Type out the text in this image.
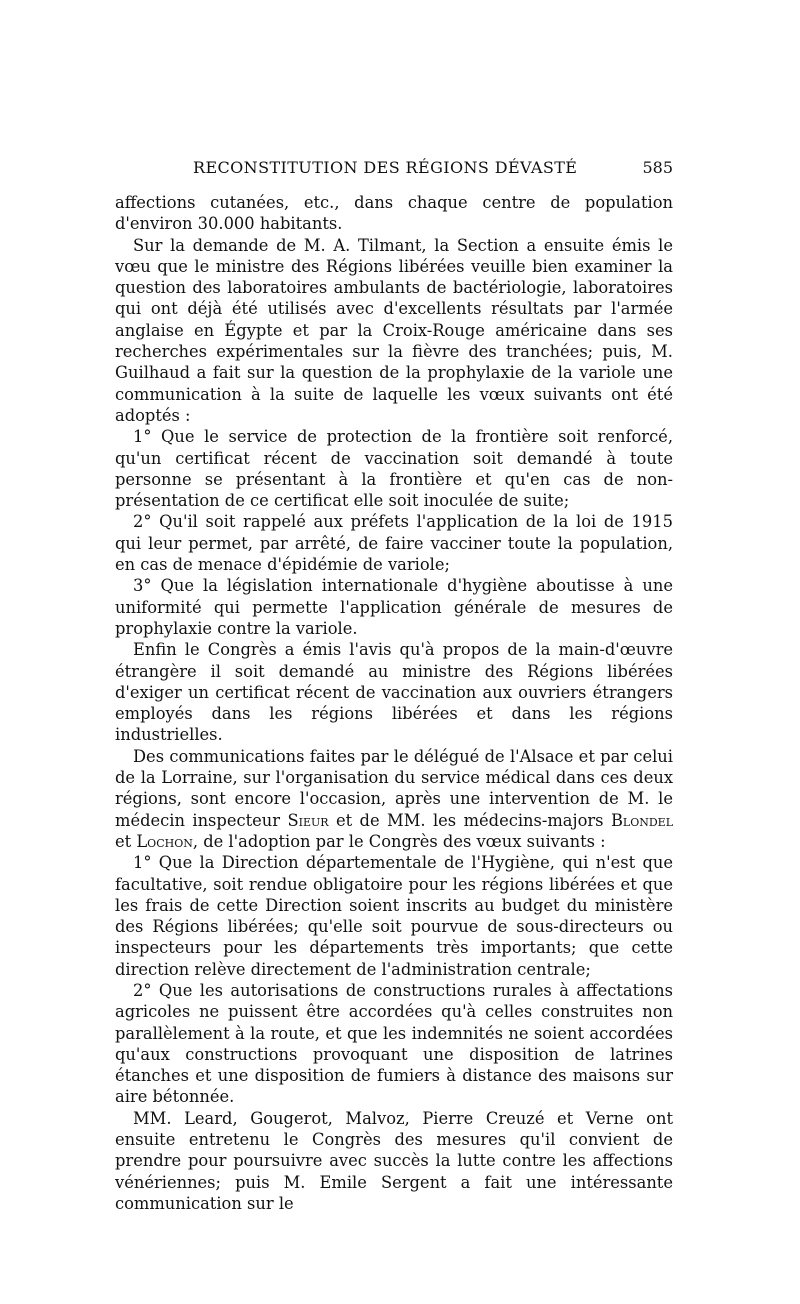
RECONSTITUTION DES RÉGIONS DÉVASTÉ	585

affections cutanées, etc., dans chaque centre de population d'environ 30.000 habitants.

Sur la demande de M. A. Tilmant, la Section a ensuite émis le vœu que le ministre des Régions libérées veuille bien examiner la question des laboratoires ambulants de bactériologie, laboratoires qui ont déjà été utilisés avec d'excellents résultats par l'armée anglaise en Égypte et par la Croix-Rouge américaine dans ses recherches expérimentales sur la fièvre des tranchées; puis, M. Guilhaud a fait sur la question de la prophylaxie de la variole une communication à la suite de laquelle les vœux suivants ont été adoptés :

1° Que le service de protection de la frontière soit renforcé, qu'un certificat récent de vaccination soit demandé à toute personne se présentant à la frontière et qu'en cas de non-présentation de ce certificat elle soit inoculée de suite;

2° Qu'il soit rappelé aux préfets l'application de la loi de 1915 qui leur permet, par arrêté, de faire vacciner toute la population, en cas de menace d'épidémie de variole;

3° Que la législation internationale d'hygiène aboutisse à une uniformité qui permette l'application générale de mesures de prophylaxie contre la variole.

Enfin le Congrès a émis l'avis qu'à propos de la main-d'œuvre étrangère il soit demandé au ministre des Régions libérées d'exiger un certificat récent de vaccination aux ouvriers étrangers employés dans les régions libérées et dans les régions industrielles.

Des communications faites par le délégué de l'Alsace et par celui de la Lorraine, sur l'organisation du service médical dans ces deux régions, sont encore l'occasion, après une intervention de M. le médecin inspecteur Sieur et de MM. les médecins-majors Blondel et Lochon, de l'adoption par le Congrès des vœux suivants :

1° Que la Direction départementale de l'Hygiène, qui n'est que facultative, soit rendue obligatoire pour les régions libérées et que les frais de cette Direction soient inscrits au budget du ministère des Régions libérées; qu'elle soit pourvue de sous-directeurs ou inspecteurs pour les départements très importants; que cette direction relève directement de l'administration centrale;

2° Que les autorisations de constructions rurales à affectations agricoles ne puissent être accordées qu'à celles construites non parallèlement à la route, et que les indemnités ne soient accordées qu'aux constructions provoquant une disposition de latrines étanches et une disposition de fumiers à distance des maisons sur aire bétonnée.

MM. Leard, Gougerot, Malvoz, Pierre Creuzé et Verne ont ensuite entretenu le Congrès des mesures qu'il convient de prendre pour poursuivre avec succès la lutte contre les affections vénériennes; puis M. Emile Sergent a fait une intéressante communication sur le
